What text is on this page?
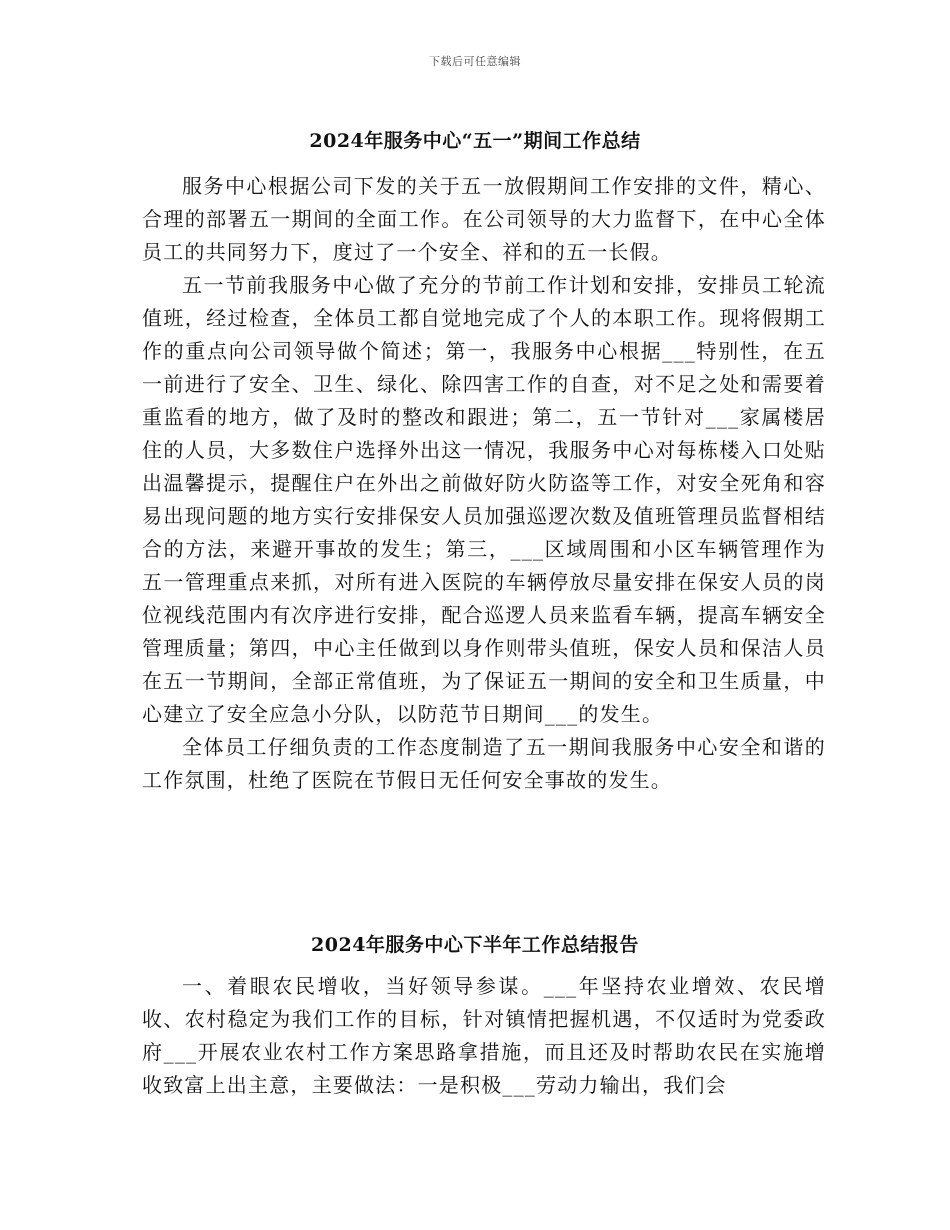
下载后可任意编辑
2024年服务中心“五一”期间工作总结

服务中心根据公司下发的关于五一放假期间工作安排的文件，精心、合理的部署五一期间的全面工作。在公司领导的大力监督下，在中心全体员工的共同努力下，度过了一个安全、祥和的五一长假。

五一节前我服务中心做了充分的节前工作计划和安排，安排员工轮流值班，经过检查，全体员工都自觉地完成了个人的本职工作。现将假期工作的重点向公司领导做个简述；第一，我服务中心根据___特别性，在五一前进行了安全、卫生、绿化、除四害工作的自查，对不足之处和需要着重监看的地方，做了及时的整改和跟进；第二，五一节针对___家属楼居住的人员，大多数住户选择外出这一情况，我服务中心对每栋楼入口处贴出温馨提示，提醒住户在外出之前做好防火防盗等工作，对安全死角和容易出现问题的地方实行安排保安人员加强巡逻次数及值班管理员监督相结合的方法，来避开事故的发生；第三，___区域周围和小区车辆管理作为五一管理重点来抓，对所有进入医院的车辆停放尽量安排在保安人员的岗位视线范围内有次序进行安排，配合巡逻人员来监看车辆，提高车辆安全管理质量；第四，中心主任做到以身作则带头值班，保安人员和保洁人员在五一节期间，全部正常值班，为了保证五一期间的安全和卫生质量，中心建立了安全应急小分队，以防范节日期间___的发生。

全体员工仔细负责的工作态度制造了五一期间我服务中心安全和谐的工作氛围，杜绝了医院在节假日无任何安全事故的发生。

2024年服务中心下半年工作总结报告

一、着眼农民增收，当好领导参谋。___年坚持农业增效、农民增收、农村稳定为我们工作的目标，针对镇情把握机遇，不仅适时为党委政府___开展农业农村工作方案思路拿措施，而且还及时帮助农民在实施增收致富上出主意，主要做法：一是积极___劳动力输出，我们会
